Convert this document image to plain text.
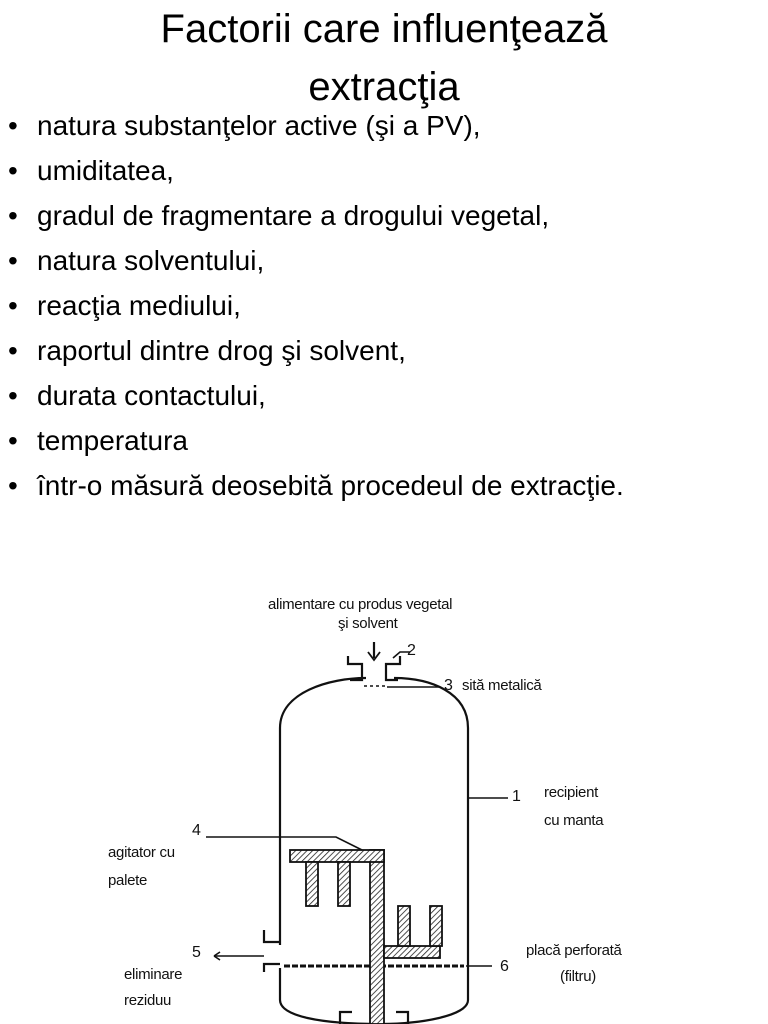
Factorii care influenţează
extracţia
• natura substanţelor active (şi a PV),
• umiditatea,
• gradul de fragmentare a drogului vegetal,
• natura solventului,
• reacţia mediului,
• raportul dintre drog şi solvent,
• durata contactului,
• temperatura
• într-o măsură deosebită procedeul de extracţie.
alimentare cu produs vegetal
şi solvent
2
3 sită metalică
1 recipient
cu manta
4
agitator cu
palete
5
eliminare
reziduu
6
placă perforată
(filtru)
